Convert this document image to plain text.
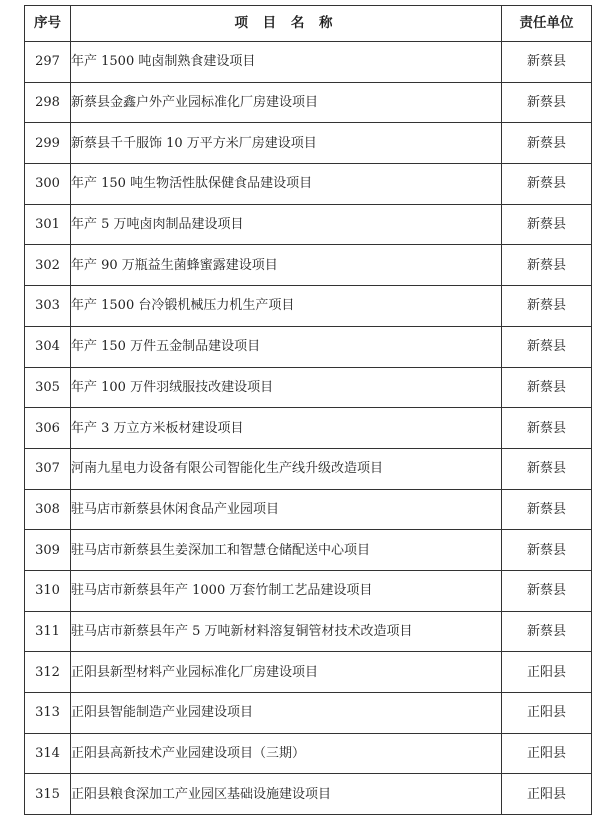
序号	项 目 名 称	责任单位
297	年产 1500 吨卤制熟食建设项目	新蔡县
298	新蔡县金鑫户外产业园标准化厂房建设项目	新蔡县
299	新蔡县千千服饰 10 万平方米厂房建设项目	新蔡县
300	年产 150 吨生物活性肽保健食品建设项目	新蔡县
301	年产 5 万吨卤肉制品建设项目	新蔡县
302	年产 90 万瓶益生菌蜂蜜露建设项目	新蔡县
303	年产 1500 台冷锻机械压力机生产项目	新蔡县
304	年产 150 万件五金制品建设项目	新蔡县
305	年产 100 万件羽绒服技改建设项目	新蔡县
306	年产 3 万立方米板材建设项目	新蔡县
307	河南九星电力设备有限公司智能化生产线升级改造项目	新蔡县
308	驻马店市新蔡县休闲食品产业园项目	新蔡县
309	驻马店市新蔡县生姜深加工和智慧仓储配送中心项目	新蔡县
310	驻马店市新蔡县年产 1000 万套竹制工艺品建设项目	新蔡县
311	驻马店市新蔡县年产 5 万吨新材料溶复铜管材技术改造项目	新蔡县
312	正阳县新型材料产业园标准化厂房建设项目	正阳县
313	正阳县智能制造产业园建设项目	正阳县
314	正阳县高新技术产业园建设项目（三期）	正阳县
315	正阳县粮食深加工产业园区基础设施建设项目	正阳县
